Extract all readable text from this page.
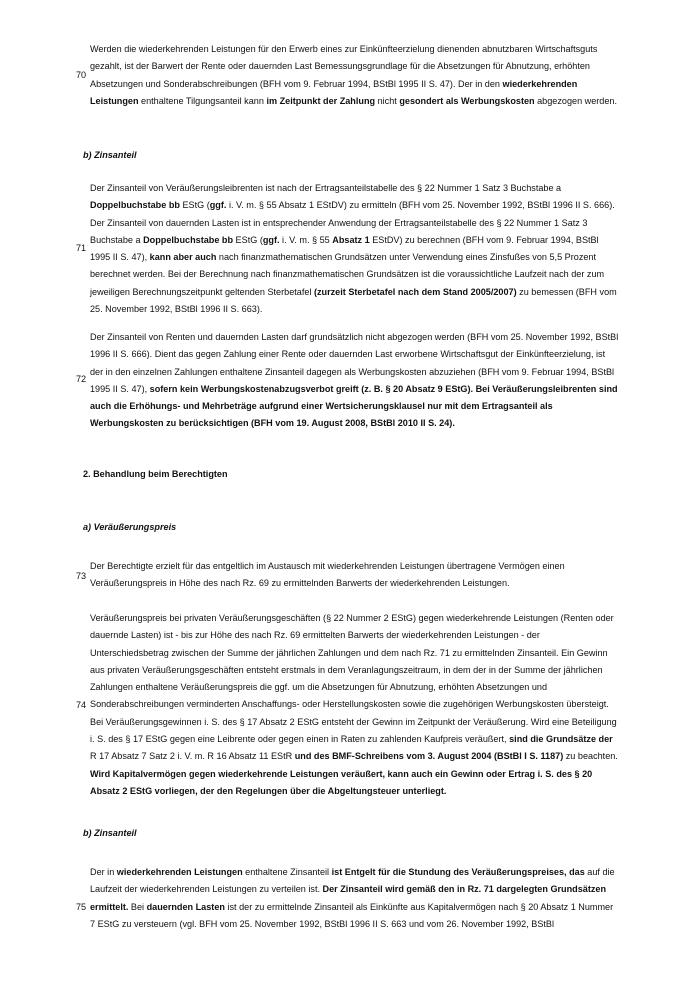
70

Werden die wiederkehrenden Leistungen für den Erwerb eines zur Einkünfteerzielung dienenden abnutzbaren Wirtschaftsguts gezahlt, ist der Barwert der Rente oder dauernden Last Bemessungsgrundlage für die Absetzungen für Abnutzung, erhöhten Absetzungen und Sonderabschreibungen (BFH vom 9. Februar 1994, BStBl 1995 II S. 47). Der in den wiederkehrenden Leistungen enthaltene Tilgungsanteil kann im Zeitpunkt der Zahlung nicht gesondert als Werbungskosten abgezogen werden.

b) Zinsanteil
71

Der Zinsanteil von Veräußerungsleibrenten ist nach der Ertragsanteilstabelle des § 22 Nummer 1 Satz 3 Buchstabe a Doppelbuchstabe bb EStG (ggf. i. V. m. § 55 Absatz 1 EStDV) zu ermitteln (BFH vom 25. November 1992, BStBl 1996 II S. 666). Der Zinsanteil von dauernden Lasten ist in entsprechender Anwendung der Ertragsanteilstabelle des § 22 Nummer 1 Satz 3 Buchstabe a Doppelbuchstabe bb EStG (ggf. i. V. m. § 55 Absatz 1 EStDV) zu berechnen (BFH vom 9. Februar 1994, BStBl 1995 II S. 47), kann aber auch nach finanzmathematischen Grundsätzen unter Verwendung eines Zinsfußes von 5,5 Prozent berechnet werden. Bei der Berechnung nach finanzmathematischen Grundsätzen ist die voraussichtliche Laufzeit nach der zum jeweiligen Berechnungszeitpunkt geltenden Sterbetafel (zurzeit Sterbetafel nach dem Stand 2005/2007) zu bemessen (BFH vom 25. November 1992, BStBl 1996 II S. 663).

72

Der Zinsanteil von Renten und dauernden Lasten darf grundsätzlich nicht abgezogen werden (BFH vom 25. November 1992, BStBl 1996 II S. 666). Dient das gegen Zahlung einer Rente oder dauernden Last erworbene Wirtschaftsgut der Einkünfteerzielung, ist der in den einzelnen Zahlungen enthaltene Zinsanteil dagegen als Werbungskosten abzuziehen (BFH vom 9. Februar 1994, BStBl 1995 II S. 47), sofern kein Werbungskostenabzugsverbot greift (z. B. § 20 Absatz 9 EStG). Bei Veräußerungsleibrenten sind auch die Erhöhungs- und Mehrbeträge aufgrund einer Wertsicherungsklausel nur mit dem Ertragsanteil als Werbungskosten zu berücksichtigen (BFH vom 19. August 2008, BStBl 2010 II S. 24).

2. Behandlung beim Berechtigten
a) Veräußerungspreis
73

Der Berechtigte erzielt für das entgeltlich im Austausch mit wiederkehrenden Leistungen übertragene Vermögen einen Veräußerungspreis in Höhe des nach Rz. 69 zu ermittelnden Barwerts der wiederkehrenden Leistungen.

74

Veräußerungspreis bei privaten Veräußerungsgeschäften (§ 22 Nummer 2 EStG) gegen wiederkehrende Leistungen (Renten oder dauernde Lasten) ist - bis zur Höhe des nach Rz. 69 ermittelten Barwerts der wiederkehrenden Leistungen - der Unterschiedsbetrag zwischen der Summe der jährlichen Zahlungen und dem nach Rz. 71 zu ermittelnden Zinsanteil. Ein Gewinn aus privaten Veräußerungsgeschäften entsteht erstmals in dem Veranlagungszeitraum, in dem der in der Summe der jährlichen Zahlungen enthaltene Veräußerungspreis die ggf. um die Absetzungen für Abnutzung, erhöhten Absetzungen und Sonderabschreibungen verminderten Anschaffungs- oder Herstellungskosten sowie die zugehörigen Werbungskosten übersteigt. Bei Veräußerungsgewinnen i. S. des § 17 Absatz 2 EStG entsteht der Gewinn im Zeitpunkt der Veräußerung. Wird eine Beteiligung i. S. des § 17 EStG gegen eine Leibrente oder gegen einen in Raten zu zahlenden Kaufpreis veräußert, sind die Grundsätze der R 17 Absatz 7 Satz 2 i. V. m. R 16 Absatz 11 EStR und des BMF-Schreibens vom 3. August 2004 (BStBl I S. 1187) zu beachten. Wird Kapitalvermögen gegen wiederkehrende Leistungen veräußert, kann auch ein Gewinn oder Ertrag i. S. des § 20 Absatz 2 EStG vorliegen, der den Regelungen über die Abgeltungsteuer unterliegt.

b) Zinsanteil
75

Der in wiederkehrenden Leistungen enthaltene Zinsanteil ist Entgelt für die Stundung des Veräußerungspreises, das auf die Laufzeit der wiederkehrenden Leistungen zu verteilen ist. Der Zinsanteil wird gemäß den in Rz. 71 dargelegten Grundsätzen ermittelt. Bei dauernden Lasten ist der zu ermittelnde Zinsanteil als Einkünfte aus Kapitalvermögen nach § 20 Absatz 1 Nummer 7 EStG zu versteuern (vgl. BFH vom 25. November 1992, BStBl 1996 II S. 663 und vom 26. November 1992, BStBl
